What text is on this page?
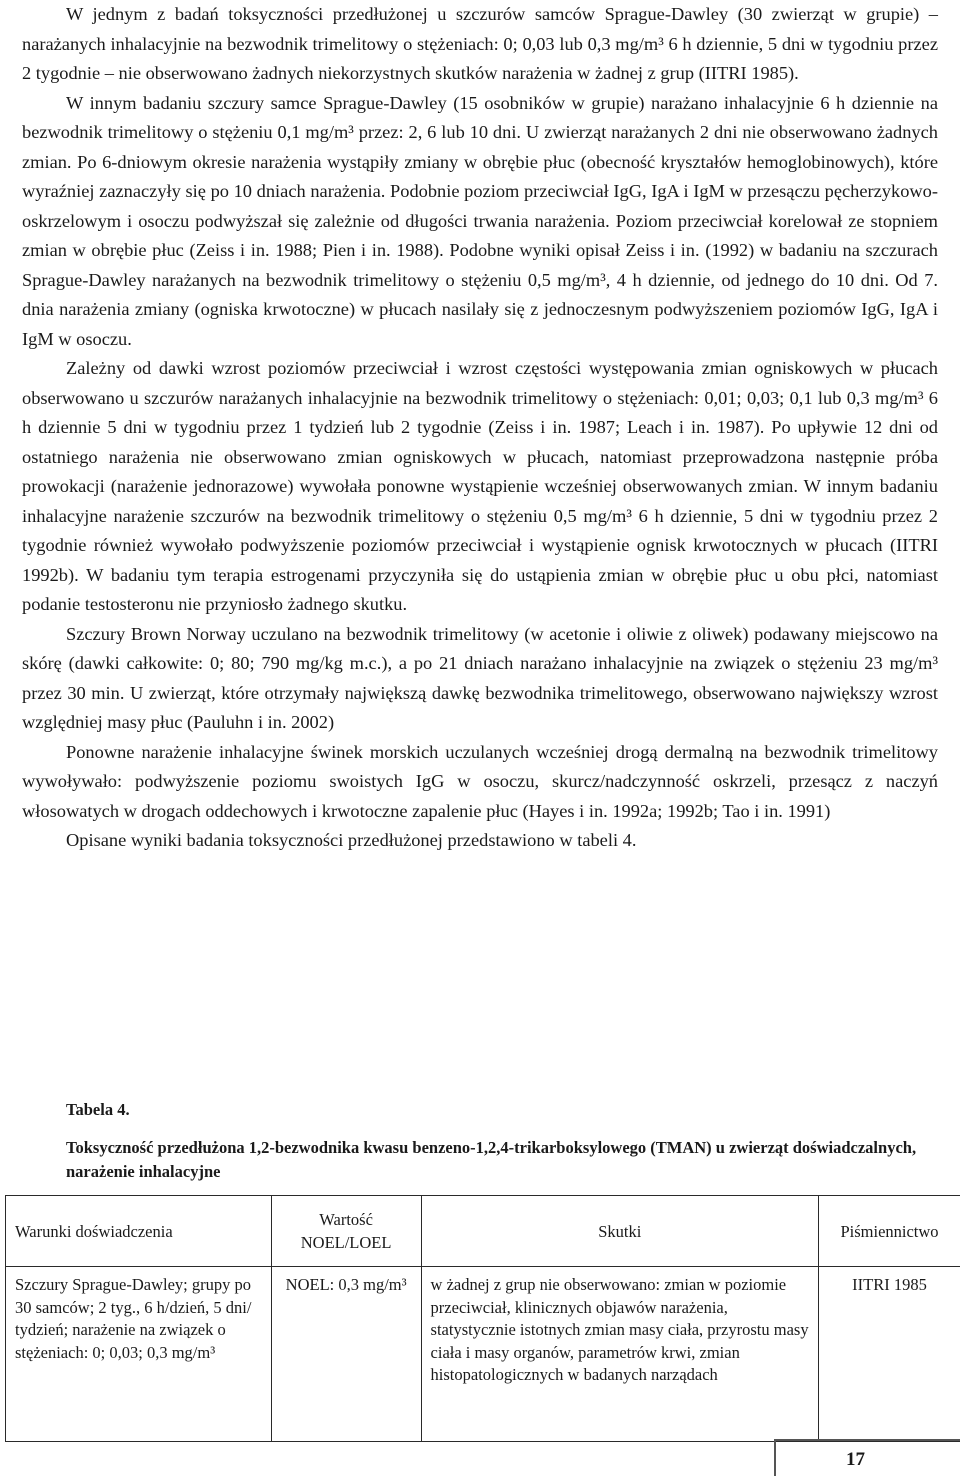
W jednym z badań toksyczności przedłużonej u szczurów samców Sprague-Dawley (30 zwierząt w grupie) – narażanych inhalacyjnie na bezwodnik trimelitowy o stężeniach: 0; 0,03 lub 0,3 mg/m³ 6 h dziennie, 5 dni w tygodniu przez 2 tygodnie – nie obserwowano żadnych niekorzystnych skutków narażenia w żadnej z grup (IITRI 1985).

W innym badaniu szczury samce Sprague-Dawley (15 osobników w grupie) narażano inhalacyjnie 6 h dziennie na bezwodnik trimelitowy o stężeniu 0,1 mg/m³ przez: 2, 6 lub 10 dni. U zwierząt narażanych 2 dni nie obserwowano żadnych zmian. Po 6-dniowym okresie narażenia wystąpiły zmiany w obrębie płuc (obecność kryształów hemoglobinowych), które wyraźniej zaznaczyły się po 10 dniach narażenia. Podobnie poziom przeciwciał IgG, IgA i IgM w przesączu pęcherzykowo-oskrzelowym i osoczu podwyższał się zależnie od długości trwania narażenia. Poziom przeciwciał korelował ze stopniem zmian w obrębie płuc (Zeiss i in. 1988; Pien i in. 1988). Podobne wyniki opisał Zeiss i in. (1992) w badaniu na szczurach Sprague-Dawley narażanych na bezwodnik trimelitowy o stężeniu 0,5 mg/m³, 4 h dziennie, od jednego do 10 dni. Od 7. dnia narażenia zmiany (ogniska krwotoczne) w płucach nasilały się z jednoczesnym podwyższeniem poziomów IgG, IgA i IgM w osoczu.

Zależny od dawki wzrost poziomów przeciwciał i wzrost częstości występowania zmian ogniskowych w płucach obserwowano u szczurów narażanych inhalacyjnie na bezwodnik trimelitowy o stężeniach: 0,01; 0,03; 0,1 lub 0,3 mg/m³ 6 h dziennie 5 dni w tygodniu przez 1 tydzień lub 2 tygodnie (Zeiss i in. 1987; Leach i in. 1987). Po upływie 12 dni od ostatniego narażenia nie obserwowano zmian ogniskowych w płucach, natomiast przeprowadzona następnie próba prowokacji (narażenie jednorazowe) wywołała ponowne wystąpienie wcześniej obserwowanych zmian. W innym badaniu inhalacyjne narażenie szczurów na bezwodnik trimelitowy o stężeniu 0,5 mg/m³ 6 h dziennie, 5 dni w tygodniu przez 2 tygodnie również wywołało podwyższenie poziomów przeciwciał i wystąpienie ognisk krwotocznych w płucach (IITRI 1992b). W badaniu tym terapia estrogenami przyczyniła się do ustąpienia zmian w obrębie płuc u obu płci, natomiast podanie testosteronu nie przyniosło żadnego skutku.

Szczury Brown Norway uczulano na bezwodnik trimelitowy (w acetonie i oliwie z oliwek) podawany miejscowo na skórę (dawki całkowite: 0; 80; 790 mg/kg m.c.), a po 21 dniach narażano inhalacyjnie na związek o stężeniu 23 mg/m³ przez 30 min. U zwierząt, które otrzymały największą dawkę bezwodnika trimelitowego, obserwowano największy wzrost względniej masy płuc (Pauluhn i in. 2002)

Ponowne narażenie inhalacyjne świnek morskich uczulanych wcześniej drogą dermalną na bezwodnik trimelitowy wywoływało: podwyższenie poziomu swoistych IgG w osoczu, skurcz/nadczynność oskrzeli, przesącz z naczyń włosowatych w drogach oddechowych i krwotoczne zapalenie płuc (Hayes i in. 1992a; 1992b; Tao i in. 1991)

Opisane wyniki badania toksyczności przedłużonej przedstawiono w tabeli 4.

Tabela 4.
Toksyczność przedłużona 1,2-bezwodnika kwasu benzeno-1,2,4-trikarboksylowego (TMAN) u zwierząt doświadczalnych, narażenie inhalacyjne
Warunki doświadczenia	Wartość NOEL/LOEL	Skutki	Piśmiennictwo
Szczury Sprague-Dawley; grupy po 30 samców; 2 tyg., 6 h/dzień, 5 dni/ tydzień; narażenie na związek o stężeniach: 0; 0,03; 0,3 mg/m³	NOEL: 0,3 mg/m³	w żadnej z grup nie obserwowano: zmian w poziomie przeciwciał, klinicznych objawów narażenia, statystycznie istotnych zmian masy ciała, przyrostu masy ciała i masy organów, parametrów krwi, zmian histopatologicznych w badanych narządach	IITRI 1985
17
